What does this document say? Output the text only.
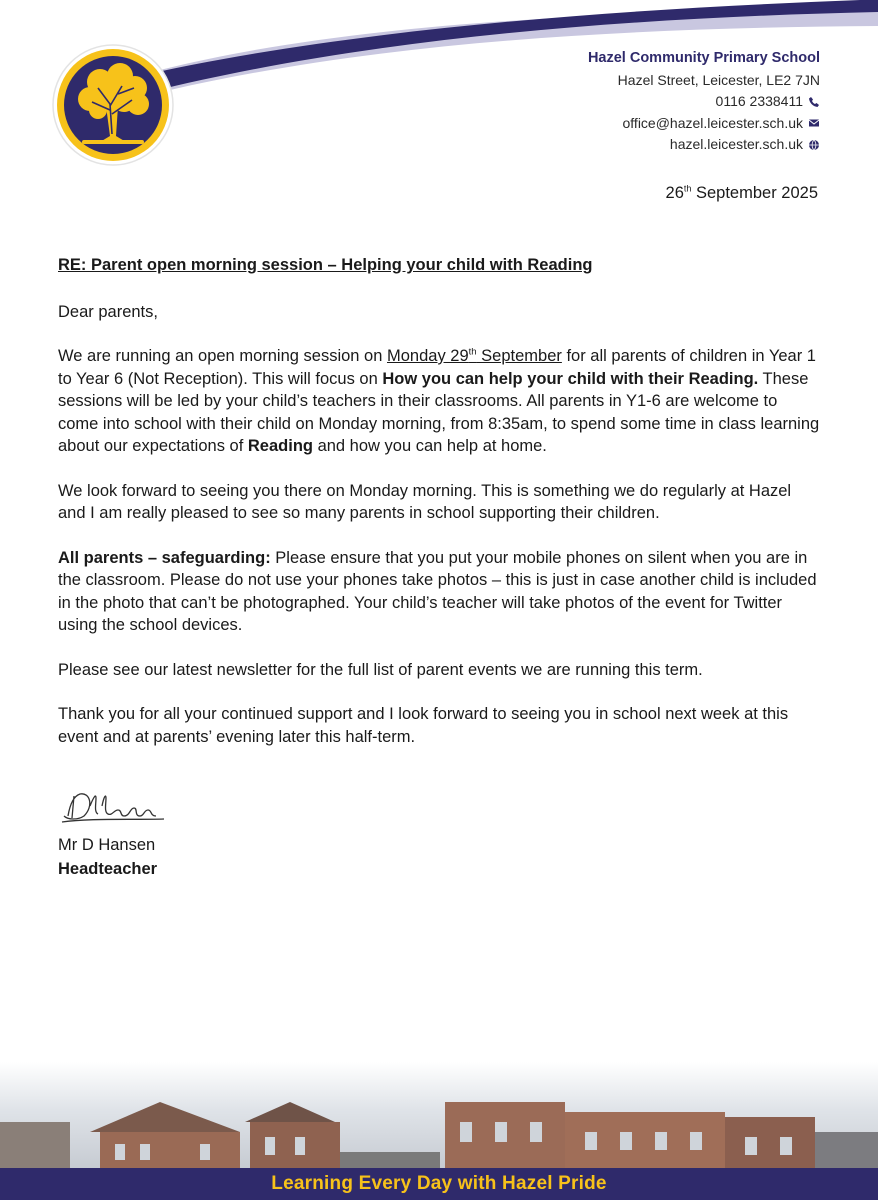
Hazel Community Primary School
Hazel Street, Leicester, LE2 7JN
0116 2338411
office@hazel.leicester.sch.uk
hazel.leicester.sch.uk
26th September 2025

RE: Parent open morning session – Helping your child with Reading

Dear parents,

We are running an open morning session on Monday 29th September for all parents of children in Year 1 to Year 6 (Not Reception). This will focus on How you can help your child with their Reading. These sessions will be led by your child’s teachers in their classrooms. All parents in Y1-6 are welcome to come into school with their child on Monday morning, from 8:35am, to spend some time in class learning about our expectations of Reading and how you can help at home.

We look forward to seeing you there on Monday morning. This is something we do regularly at Hazel and I am really pleased to see so many parents in school supporting their children.

All parents – safeguarding: Please ensure that you put your mobile phones on silent when you are in the classroom. Please do not use your phones take photos – this is just in case another child is included in the photo that can’t be photographed. Your child’s teacher will take photos of the event for Twitter using the school devices.

Please see our latest newsletter for the full list of parent events we are running this term.

Thank you for all your continued support and I look forward to seeing you in school next week at this event and at parents’ evening later this half-term.

Mr D Hansen
Headteacher
Learning Every Day with Hazel Pride
